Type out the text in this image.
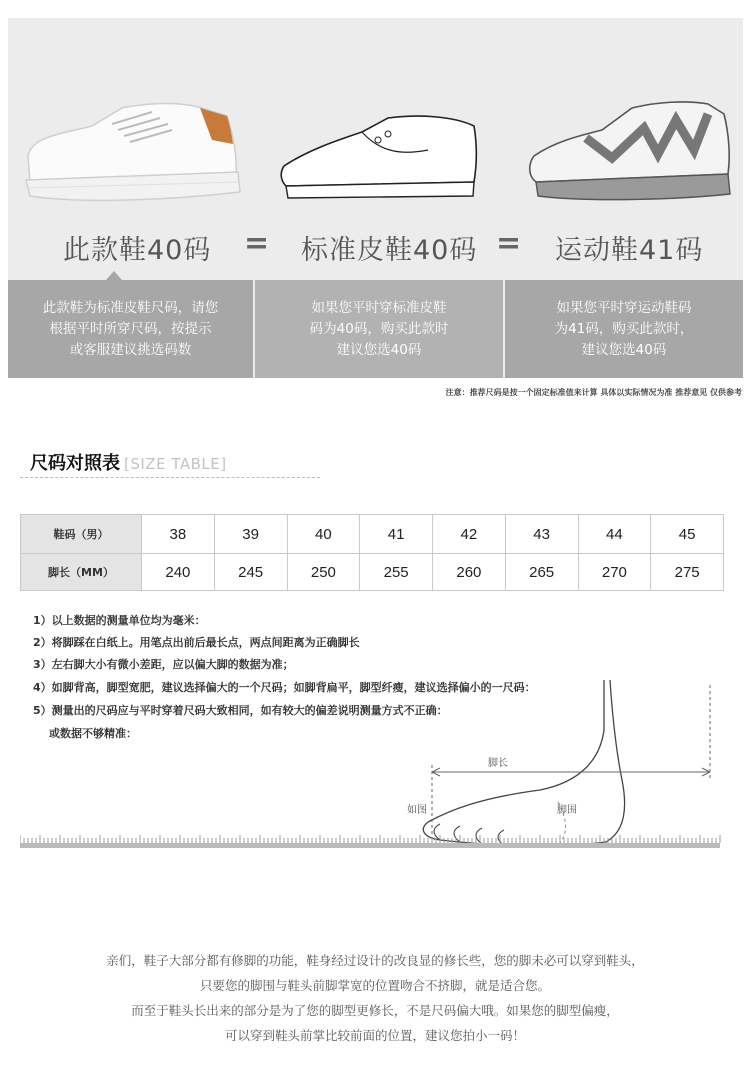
此款鞋40码 = 标准皮鞋40码 = 运动鞋41码
此款鞋为标准皮鞋尺码，请您
根据平时所穿尺码，按提示
或客服建议挑选码数
如果您平时穿标准皮鞋
码为40码，购买此款时
建议您选40码
如果您平时穿运动鞋码
为41码，购买此款时，
建议您选40码
注意：推荐尺码是按一个固定标准值来计算 具体以实际情况为准 推荐意见 仅供参考
尺码对照表 [SIZE TABLE]
鞋码（男）	38	39	40	41	42	43	44	45
脚长（MM）	240	245	250	255	260	265	270	275
1）以上数据的测量单位均为毫米：
2）将脚踩在白纸上。用笔点出前后最长点，两点间距离为正确脚长
3）左右脚大小有微小差距，应以偏大脚的数据为准；
4）如脚背高，脚型宽肥，建议选择偏大的一个尺码；如脚背扁平，脚型纤瘦，建议选择偏小的一尺码：
5）测量出的尺码应与平时穿着尺码大致相同，如有较大的偏差说明测量方式不正确：
或数据不够精准：
脚长
如图	脚围
亲们，鞋子大部分都有修脚的功能，鞋身经过设计的改良显的修长些，您的脚未必可以穿到鞋头，
只要您的脚围与鞋头前脚掌宽的位置吻合不挤脚，就是适合您。
而至于鞋头长出来的部分是为了您的脚型更修长，不是尺码偏大哦。如果您的脚型偏瘦，
可以穿到鞋头前掌比较前面的位置，建议您拍小一码！
